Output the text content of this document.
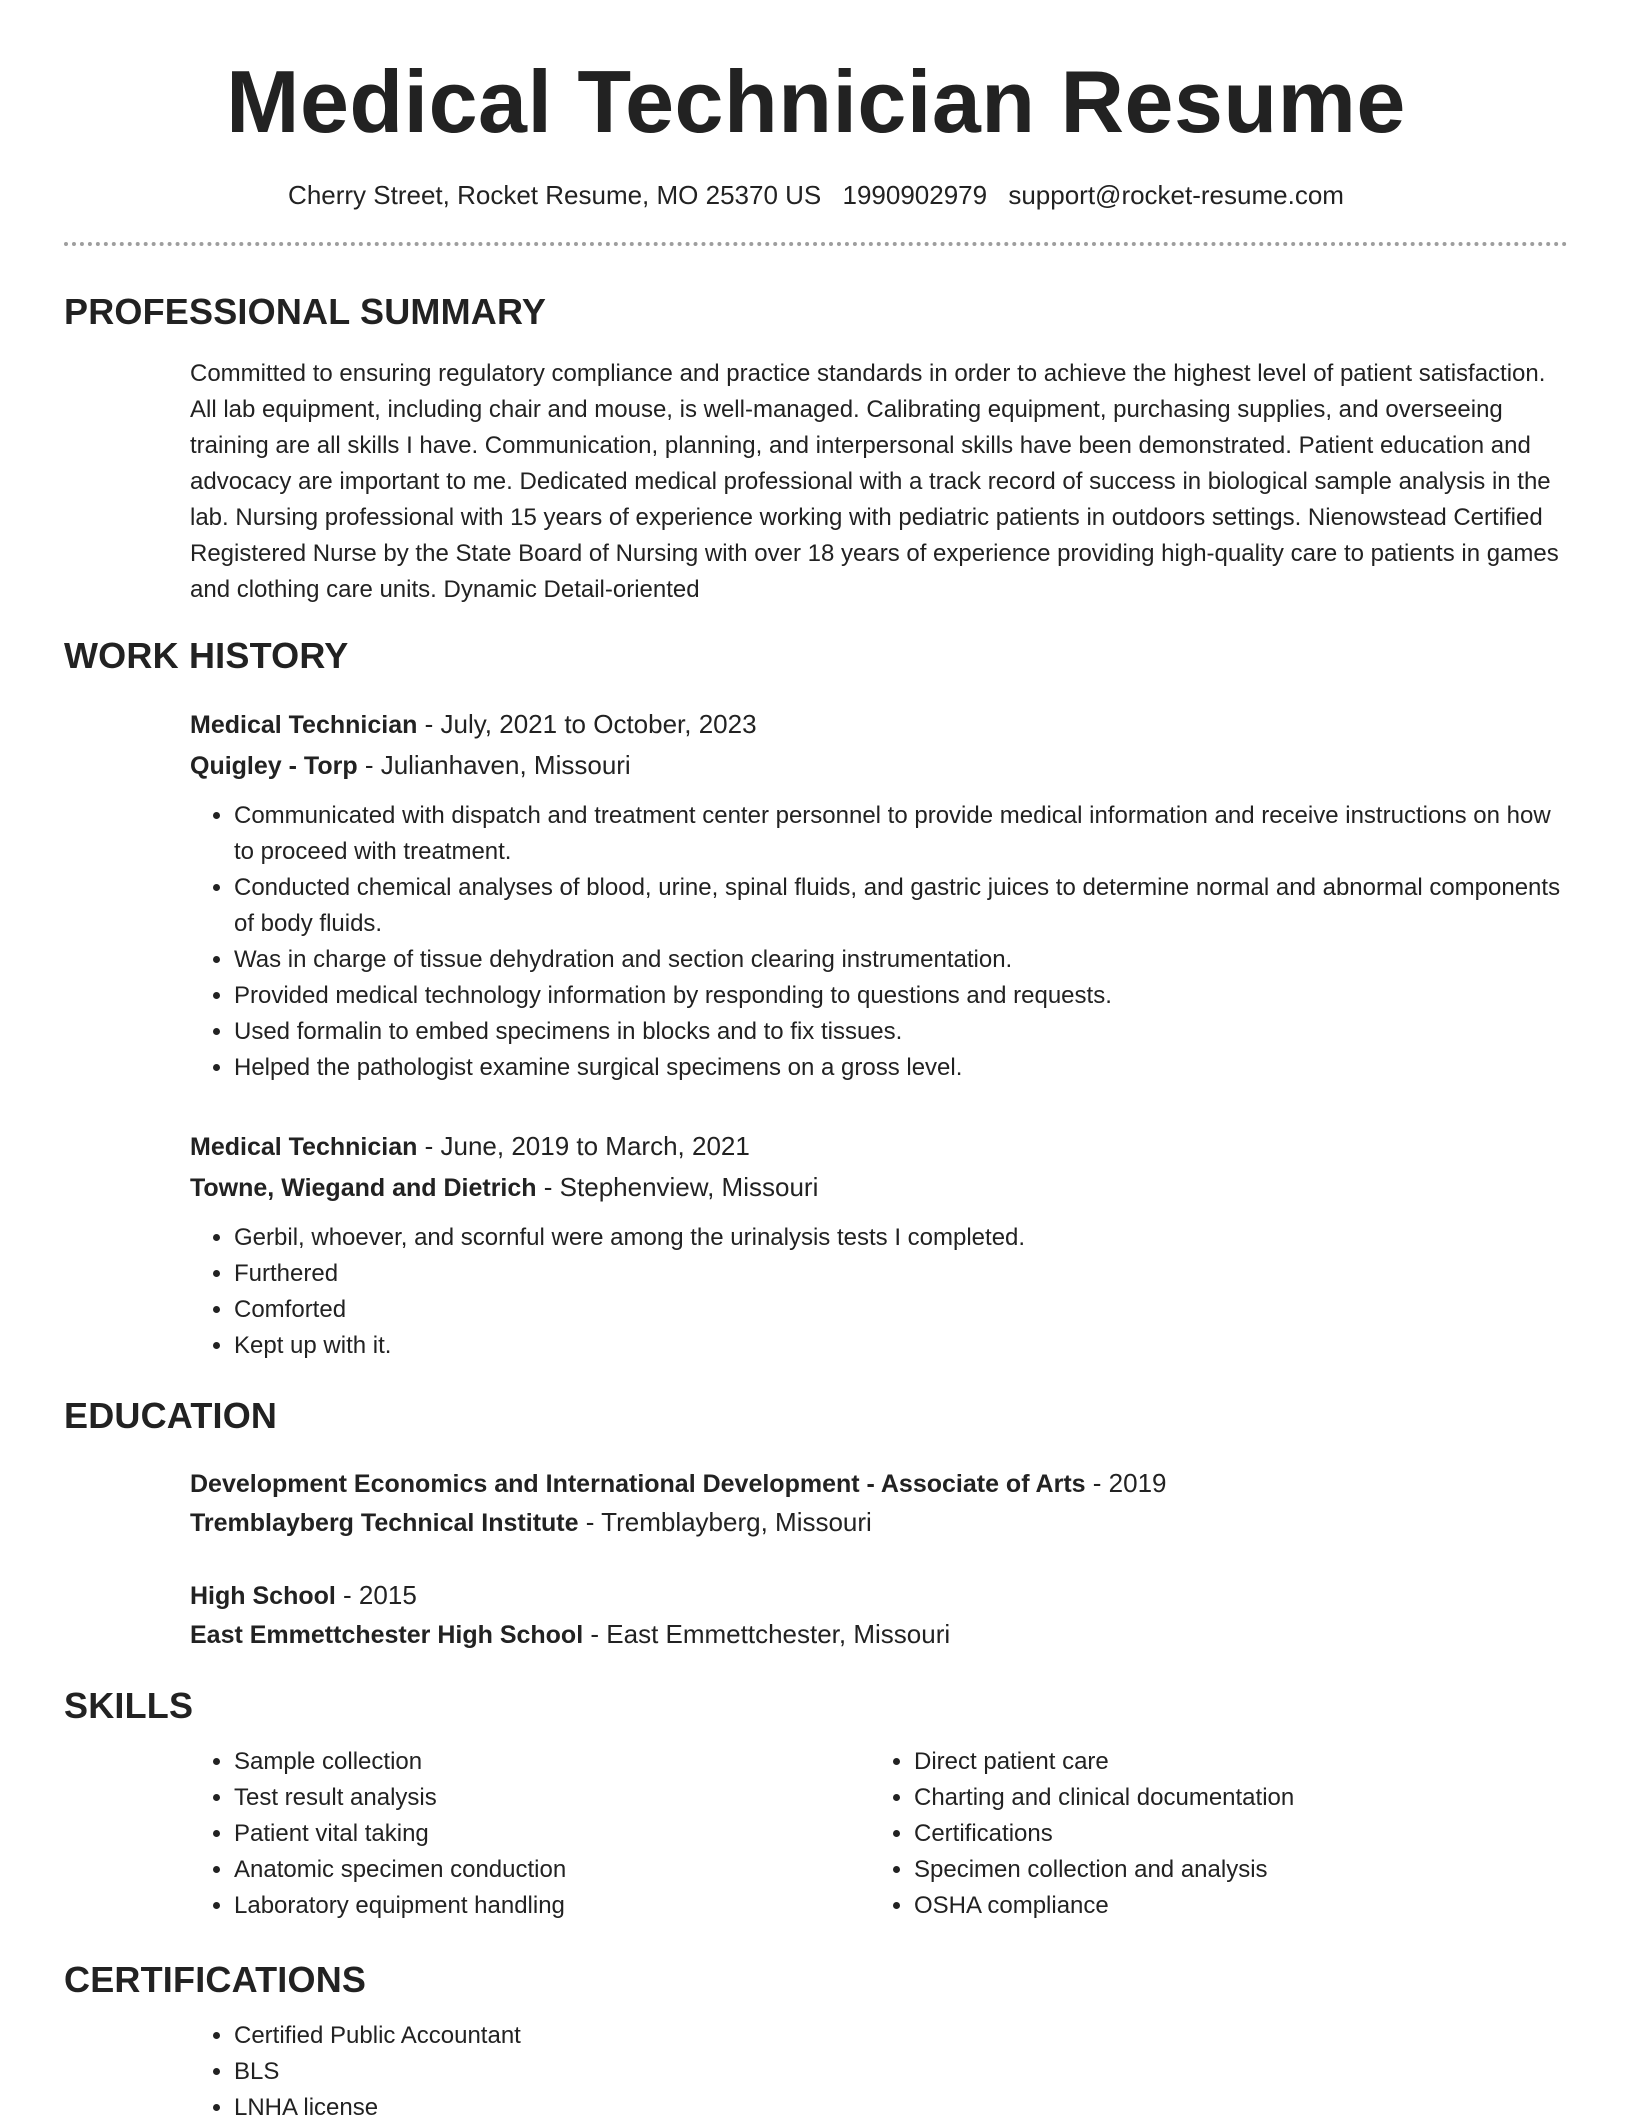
Medical Technician Resume
Cherry Street, Rocket Resume, MO 25370 US 1990902979 support@rocket-resume.com
PROFESSIONAL SUMMARY
Committed to ensuring regulatory compliance and practice standards in order to achieve the highest level of patient satisfaction. All lab equipment, including chair and mouse, is well-managed. Calibrating equipment, purchasing supplies, and overseeing training are all skills I have. Communication, planning, and interpersonal skills have been demonstrated. Patient education and advocacy are important to me. Dedicated medical professional with a track record of success in biological sample analysis in the lab. Nursing professional with 15 years of experience working with pediatric patients in outdoors settings. Nienowstead Certified Registered Nurse by the State Board of Nursing with over 18 years of experience providing high-quality care to patients in games and clothing care units. Dynamic Detail-oriented
WORK HISTORY
Medical Technician - July, 2021 to October, 2023
Quigley - Torp - Julianhaven, Missouri
• Communicated with dispatch and treatment center personnel to provide medical information and receive instructions on how to proceed with treatment.
• Conducted chemical analyses of blood, urine, spinal fluids, and gastric juices to determine normal and abnormal components of body fluids.
• Was in charge of tissue dehydration and section clearing instrumentation.
• Provided medical technology information by responding to questions and requests.
• Used formalin to embed specimens in blocks and to fix tissues.
• Helped the pathologist examine surgical specimens on a gross level.
Medical Technician - June, 2019 to March, 2021
Towne, Wiegand and Dietrich - Stephenview, Missouri
• Gerbil, whoever, and scornful were among the urinalysis tests I completed.
• Furthered
• Comforted
• Kept up with it.
EDUCATION
Development Economics and International Development - Associate of Arts - 2019
Tremblayberg Technical Institute - Tremblayberg, Missouri
High School - 2015
East Emmettchester High School - East Emmettchester, Missouri
SKILLS
• Sample collection
• Test result analysis
• Patient vital taking
• Anatomic specimen conduction
• Laboratory equipment handling
• Direct patient care
• Charting and clinical documentation
• Certifications
• Specimen collection and analysis
• OSHA compliance
CERTIFICATIONS
• Certified Public Accountant
• BLS
• LNHA license
